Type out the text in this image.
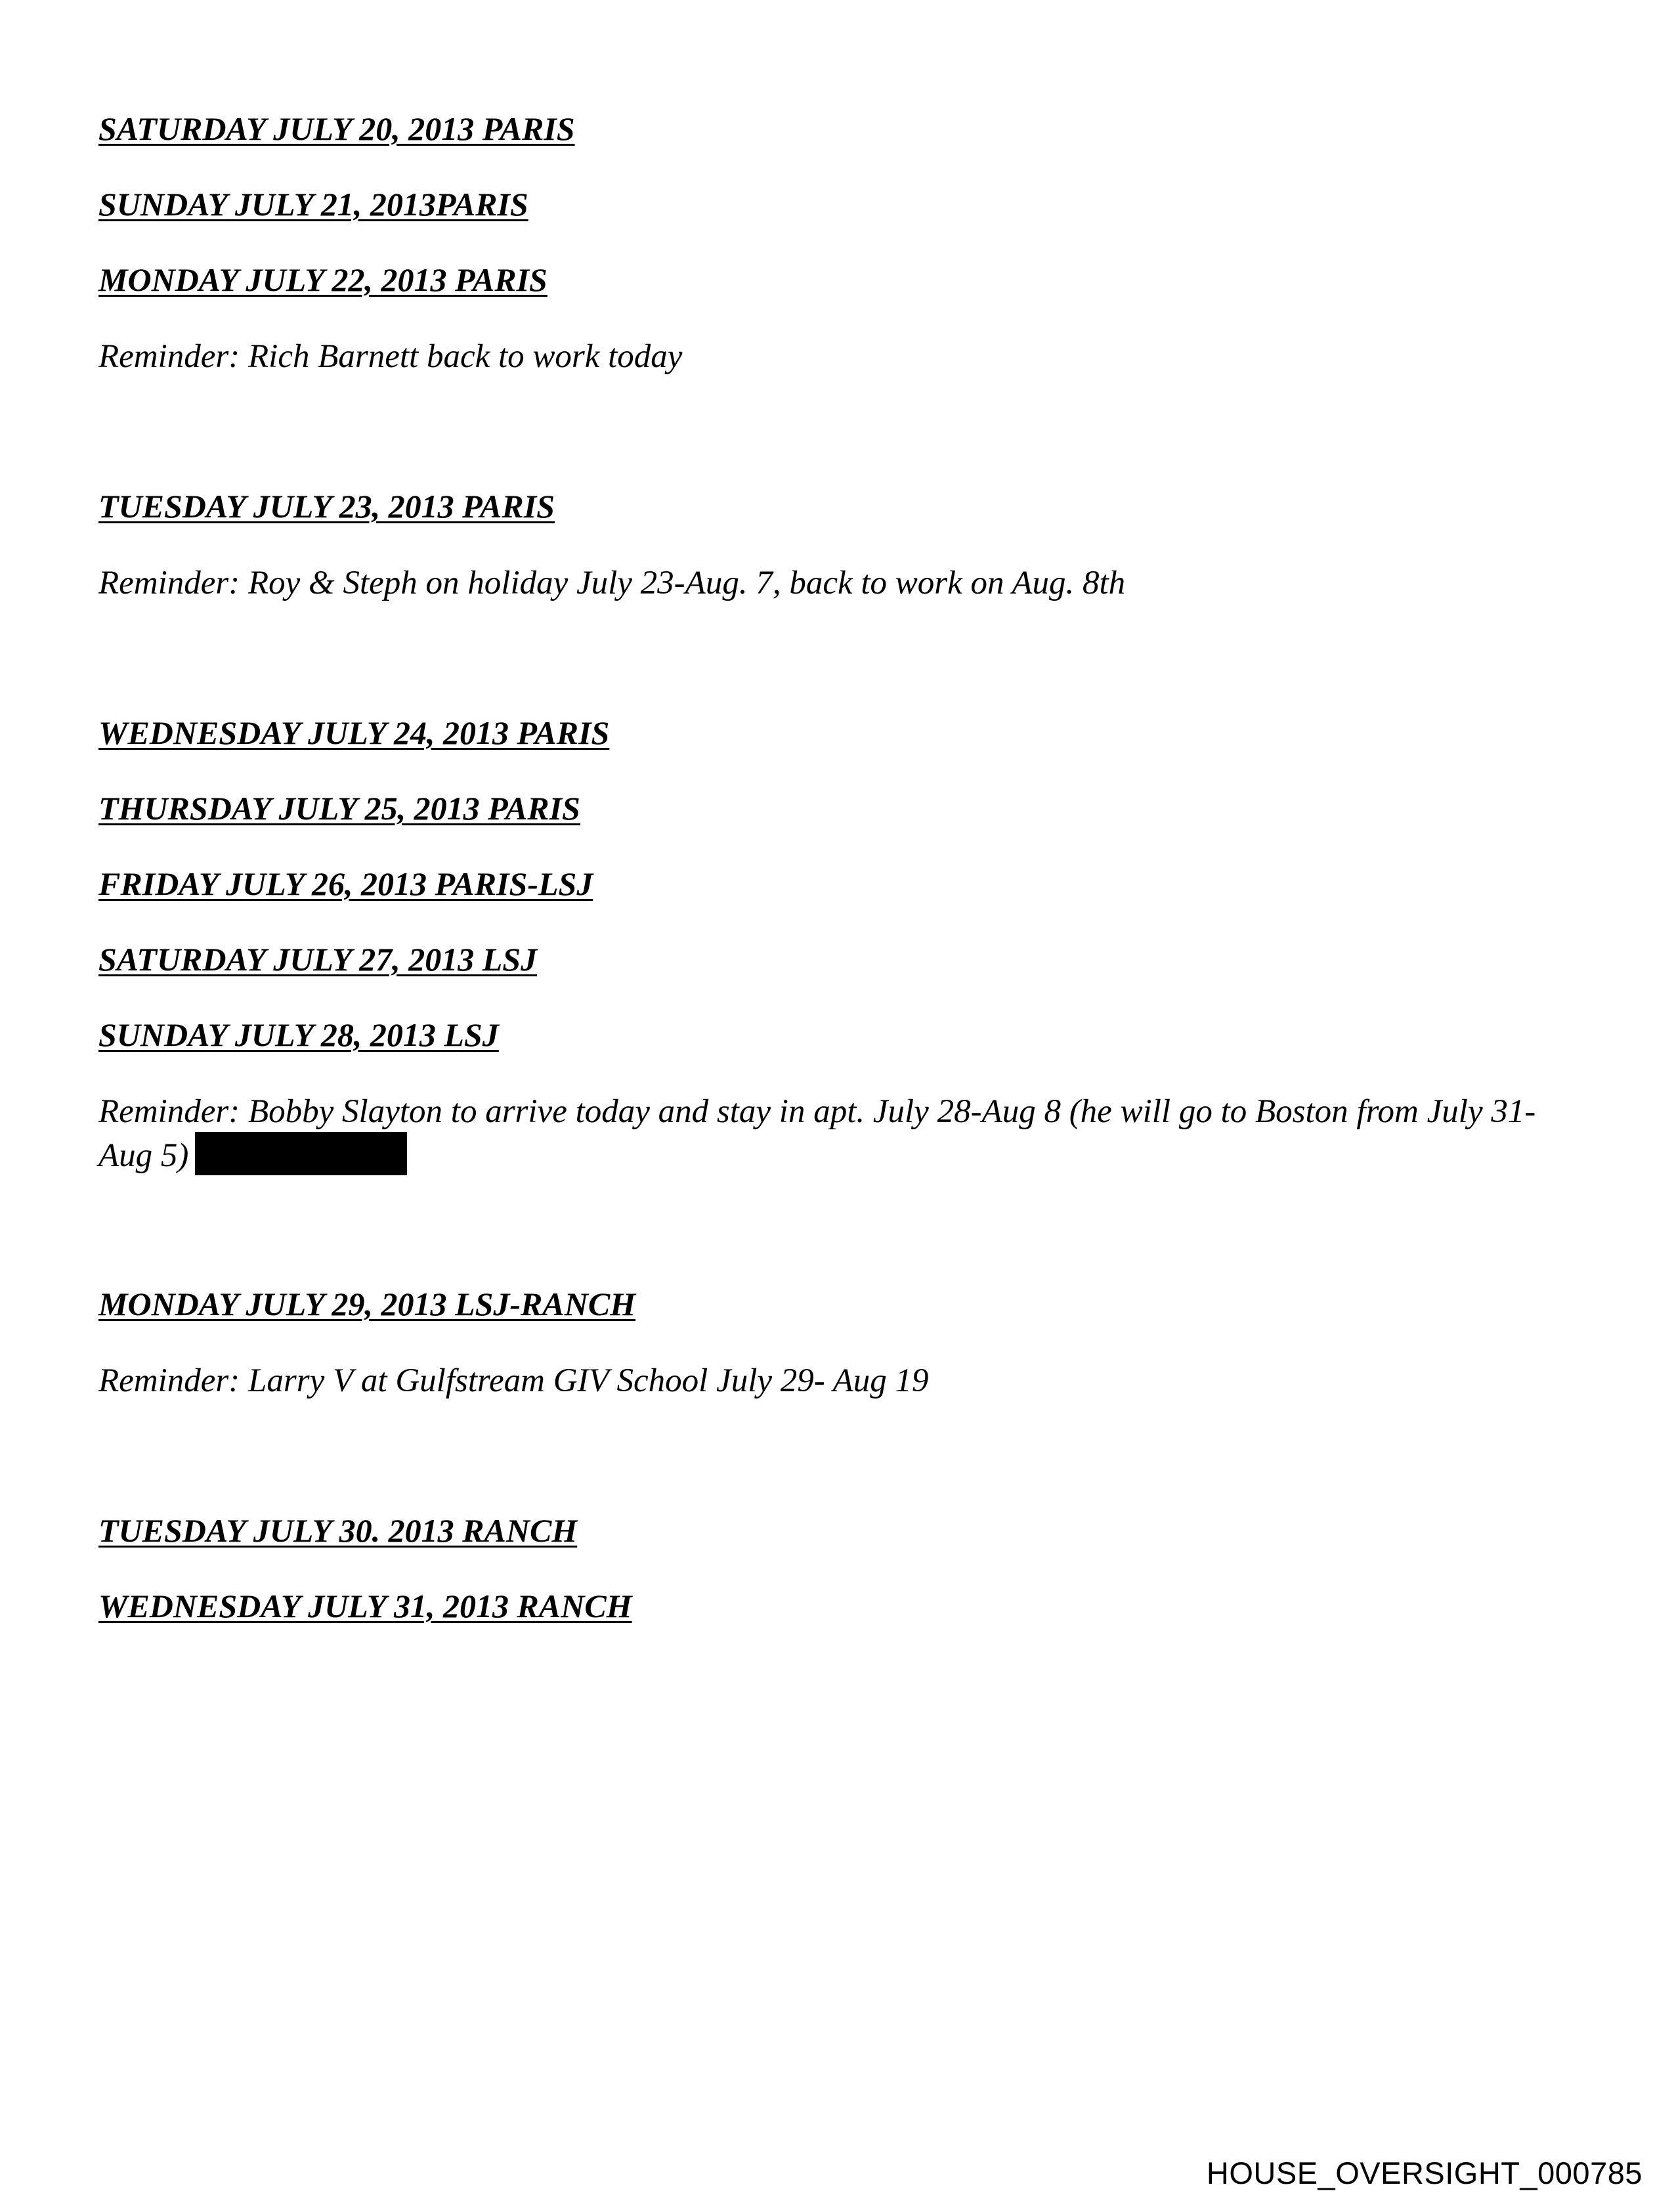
SATURDAY JULY 20, 2013 PARIS

SUNDAY JULY 21, 2013PARIS

MONDAY JULY 22, 2013 PARIS

Reminder: Rich Barnett back to work today

TUESDAY JULY 23, 2013 PARIS

Reminder: Roy & Steph on holiday July 23-Aug. 7, back to work on Aug. 8th

WEDNESDAY JULY 24, 2013 PARIS

THURSDAY JULY 25, 2013 PARIS

FRIDAY JULY 26, 2013 PARIS-LSJ

SATURDAY JULY 27, 2013 LSJ

SUNDAY JULY 28, 2013 LSJ

Reminder: Bobby Slayton to arrive today and stay in apt. July 28-Aug 8 (he will go to Boston from July 31-Aug 5)

MONDAY JULY 29, 2013 LSJ-RANCH

Reminder: Larry V at Gulfstream GIV School July 29- Aug 19

TUESDAY JULY 30. 2013 RANCH

WEDNESDAY JULY 31, 2013 RANCH

HOUSE_OVERSIGHT_000785
